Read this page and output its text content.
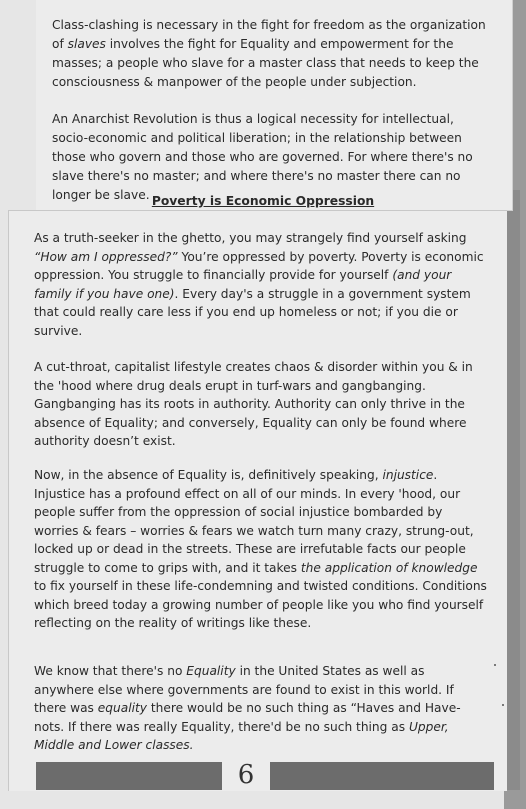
Class-clashing is necessary in the fight for freedom as the organization of slaves involves the fight for Equality and empowerment for the masses; a people who slave for a master class that needs to keep the consciousness & manpower of the people under subjection.

An Anarchist Revolution is thus a logical necessity for intellectual, socio-economic and political liberation; in the relationship between those who govern and those who are governed. For where there's no slave there's no master; and where there's no master there can no longer be slave. Poverty is Economic Oppression

As a truth-seeker in the ghetto, you may strangely find yourself asking “How am I oppressed?” You’re oppressed by poverty. Poverty is economic oppression. You struggle to financially provide for yourself (and your family if you have one). Every day's a struggle in a government system that could really care less if you end up homeless or not; if you die or survive.

A cut-throat, capitalist lifestyle creates chaos & disorder within you & in the 'hood where drug deals erupt in turf-wars and gangbanging. Gangbanging has its roots in authority. Authority can only thrive in the absence of Equality; and conversely, Equality can only be found where authority doesn’t exist.

Now, in the absence of Equality is, definitively speaking, injustice. Injustice has a profound effect on all of our minds. In every 'hood, our people suffer from the oppression of social injustice bombarded by worries & fears – worries & fears we watch turn many crazy, strung-out, locked up or dead in the streets. These are irrefutable facts our people struggle to come to grips with, and it takes the application of knowledge to fix yourself in these life-condemning and twisted conditions. Conditions which breed today a growing number of people like you who find yourself reflecting on the reality of writings like these.

We know that there's no Equality in the United States as well as anywhere else where governments are found to exist in this world. If there was equality there would be no such thing as “Haves and Have-nots. If there was really Equality, there'd be no such thing as Upper, Middle and Lower classes.

6
